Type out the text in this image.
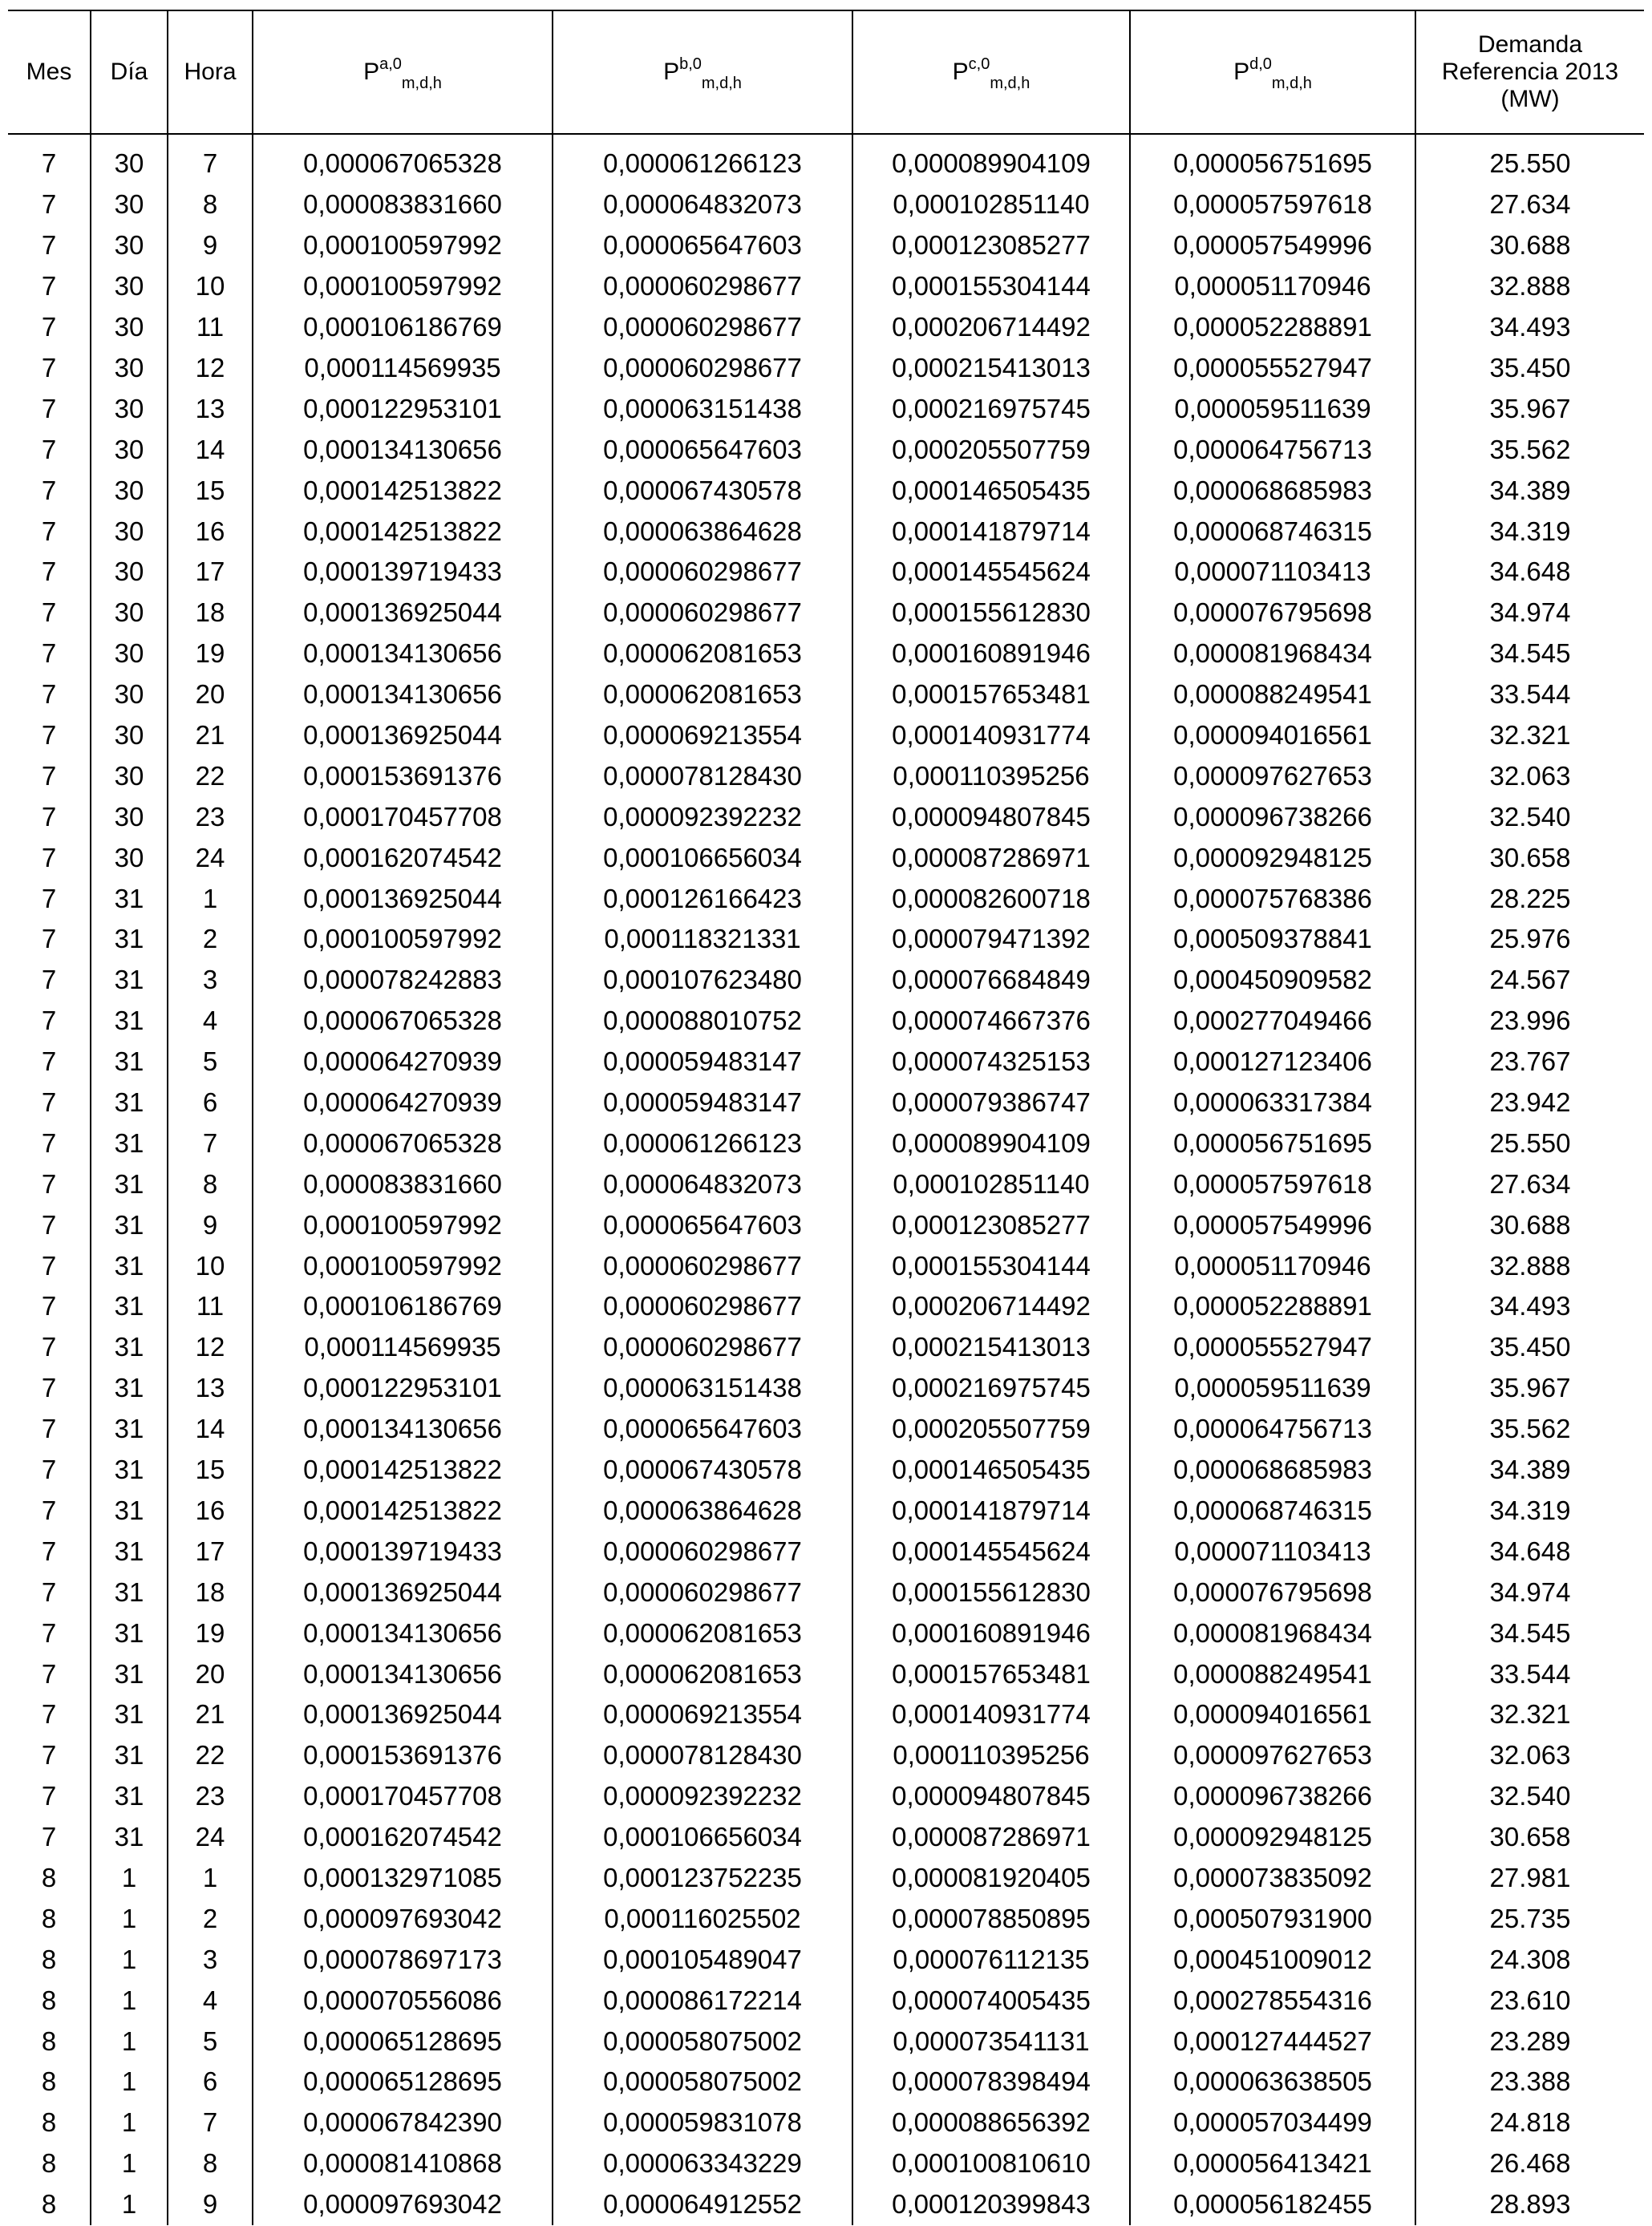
Mes	Día	Hora	P$^{a,0}_{m,d,h}$	P$^{b,0}_{m,d,h}$	P$^{c,0}_{m,d,h}$	P$^{d,0}_{m,d,h}$	Demanda
Referencia 2013
(MW)

7	30	7	0,000067065328	0,000061266123	0,000089904109	0,000056751695	25.550
7	30	8	0,000083831660	0,000064832073	0,000102851140	0,000057597618	27.634
7	30	9	0,000100597992	0,000065647603	0,000123085277	0,000057549996	30.688
7	30	10	0,000100597992	0,000060298677	0,000155304144	0,000051170946	32.888
7	30	11	0,000106186769	0,000060298677	0,000206714492	0,000052288891	34.493
7	30	12	0,000114569935	0,000060298677	0,000215413013	0,000055527947	35.450
7	30	13	0,000122953101	0,000063151438	0,000216975745	0,000059511639	35.967
7	30	14	0,000134130656	0,000065647603	0,000205507759	0,000064756713	35.562
7	30	15	0,000142513822	0,000067430578	0,000146505435	0,000068685983	34.389
7	30	16	0,000142513822	0,000063864628	0,000141879714	0,000068746315	34.319
7	30	17	0,000139719433	0,000060298677	0,000145545624	0,000071103413	34.648
7	30	18	0,000136925044	0,000060298677	0,000155612830	0,000076795698	34.974
7	30	19	0,000134130656	0,000062081653	0,000160891946	0,000081968434	34.545
7	30	20	0,000134130656	0,000062081653	0,000157653481	0,000088249541	33.544
7	30	21	0,000136925044	0,000069213554	0,000140931774	0,000094016561	32.321
7	30	22	0,000153691376	0,000078128430	0,000110395256	0,000097627653	32.063
7	30	23	0,000170457708	0,000092392232	0,000094807845	0,000096738266	32.540
7	30	24	0,000162074542	0,000106656034	0,000087286971	0,000092948125	30.658
7	31	1	0,000136925044	0,000126166423	0,000082600718	0,000075768386	28.225
7	31	2	0,000100597992	0,000118321331	0,000079471392	0,000509378841	25.976
7	31	3	0,000078242883	0,000107623480	0,000076684849	0,000450909582	24.567
7	31	4	0,000067065328	0,000088010752	0,000074667376	0,000277049466	23.996
7	31	5	0,000064270939	0,000059483147	0,000074325153	0,000127123406	23.767
7	31	6	0,000064270939	0,000059483147	0,000079386747	0,000063317384	23.942
7	31	7	0,000067065328	0,000061266123	0,000089904109	0,000056751695	25.550
7	31	8	0,000083831660	0,000064832073	0,000102851140	0,000057597618	27.634
7	31	9	0,000100597992	0,000065647603	0,000123085277	0,000057549996	30.688
7	31	10	0,000100597992	0,000060298677	0,000155304144	0,000051170946	32.888
7	31	11	0,000106186769	0,000060298677	0,000206714492	0,000052288891	34.493
7	31	12	0,000114569935	0,000060298677	0,000215413013	0,000055527947	35.450
7	31	13	0,000122953101	0,000063151438	0,000216975745	0,000059511639	35.967
7	31	14	0,000134130656	0,000065647603	0,000205507759	0,000064756713	35.562
7	31	15	0,000142513822	0,000067430578	0,000146505435	0,000068685983	34.389
7	31	16	0,000142513822	0,000063864628	0,000141879714	0,000068746315	34.319
7	31	17	0,000139719433	0,000060298677	0,000145545624	0,000071103413	34.648
7	31	18	0,000136925044	0,000060298677	0,000155612830	0,000076795698	34.974
7	31	19	0,000134130656	0,000062081653	0,000160891946	0,000081968434	34.545
7	31	20	0,000134130656	0,000062081653	0,000157653481	0,000088249541	33.544
7	31	21	0,000136925044	0,000069213554	0,000140931774	0,000094016561	32.321
7	31	22	0,000153691376	0,000078128430	0,000110395256	0,000097627653	32.063
7	31	23	0,000170457708	0,000092392232	0,000094807845	0,000096738266	32.540
7	31	24	0,000162074542	0,000106656034	0,000087286971	0,000092948125	30.658
8	1	1	0,000132971085	0,000123752235	0,000081920405	0,000073835092	27.981
8	1	2	0,000097693042	0,000116025502	0,000078850895	0,000507931900	25.735
8	1	3	0,000078697173	0,000105489047	0,000076112135	0,000451009012	24.308
8	1	4	0,000070556086	0,000086172214	0,000074005435	0,000278554316	23.610
8	1	5	0,000065128695	0,000058075002	0,000073541131	0,000127444527	23.289
8	1	6	0,000065128695	0,000058075002	0,000078398494	0,000063638505	23.388
8	1	7	0,000067842390	0,000059831078	0,000088656392	0,000057034499	24.818
8	1	8	0,000081410868	0,000063343229	0,000100810610	0,000056413421	26.468
8	1	9	0,000097693042	0,000064912552	0,000120399843	0,000056182455	28.893
